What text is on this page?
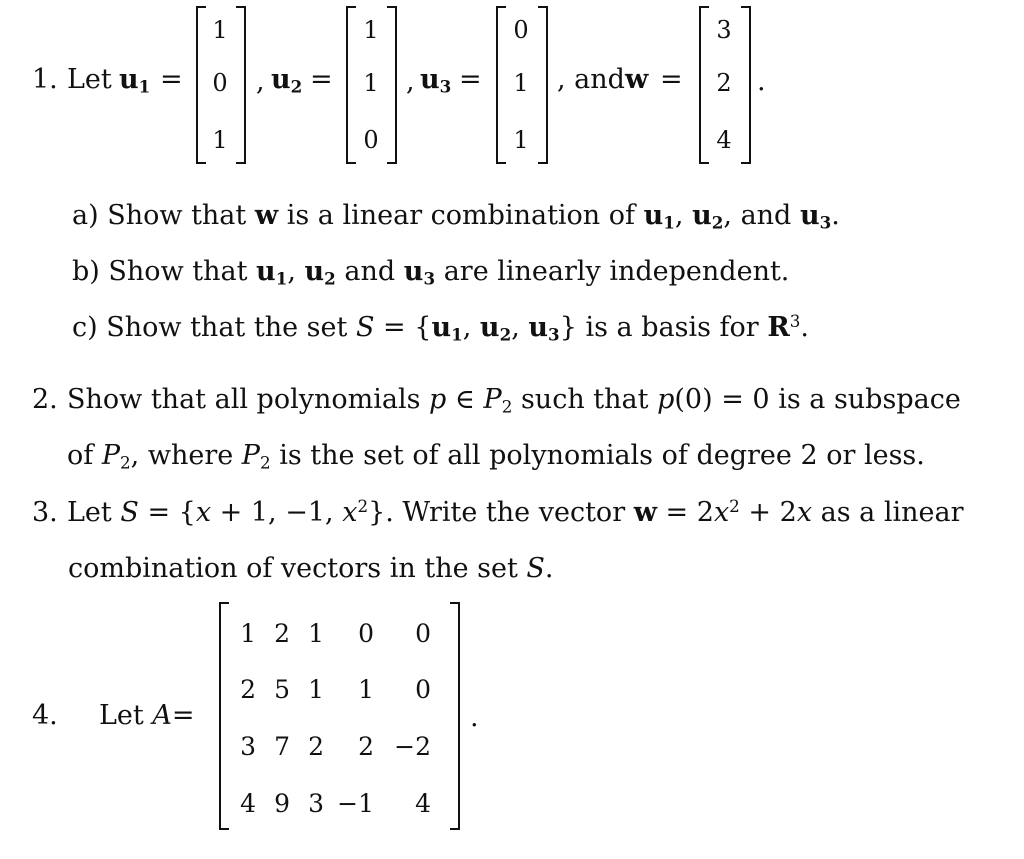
1. Let $u_1$ =
1
0
1
, $u_2$ =
1
1
0
, $u_3$ =
0
1
1
, and w =
3
2
4
.
a) Show that w is a linear combination of $u_1$, $u_2$, and $u_3$.
b) Show that $u_1$, $u_2$ and $u_3$ are linearly independent.
c) Show that the set $S = \{u_1$, $u_2$, $u_3$} is a basis for $R^3$.
2. Show that all polynomials p ∈ $P_2$ such that p(0) = 0 is a subspace
of $P_2$, where $P_2$ is the set of all polynomials of degree 2 or less.
3. Let S = {x + 1, −1, $x^2$}. Write the vector $w = 2x^2 + 2x$ as a linear
combination of vectors in the set S.
4. Let A=
1 2 1	0	0
2 5 1	1	0
3 7 2	2 −2
4 9 3 −1	4
.
